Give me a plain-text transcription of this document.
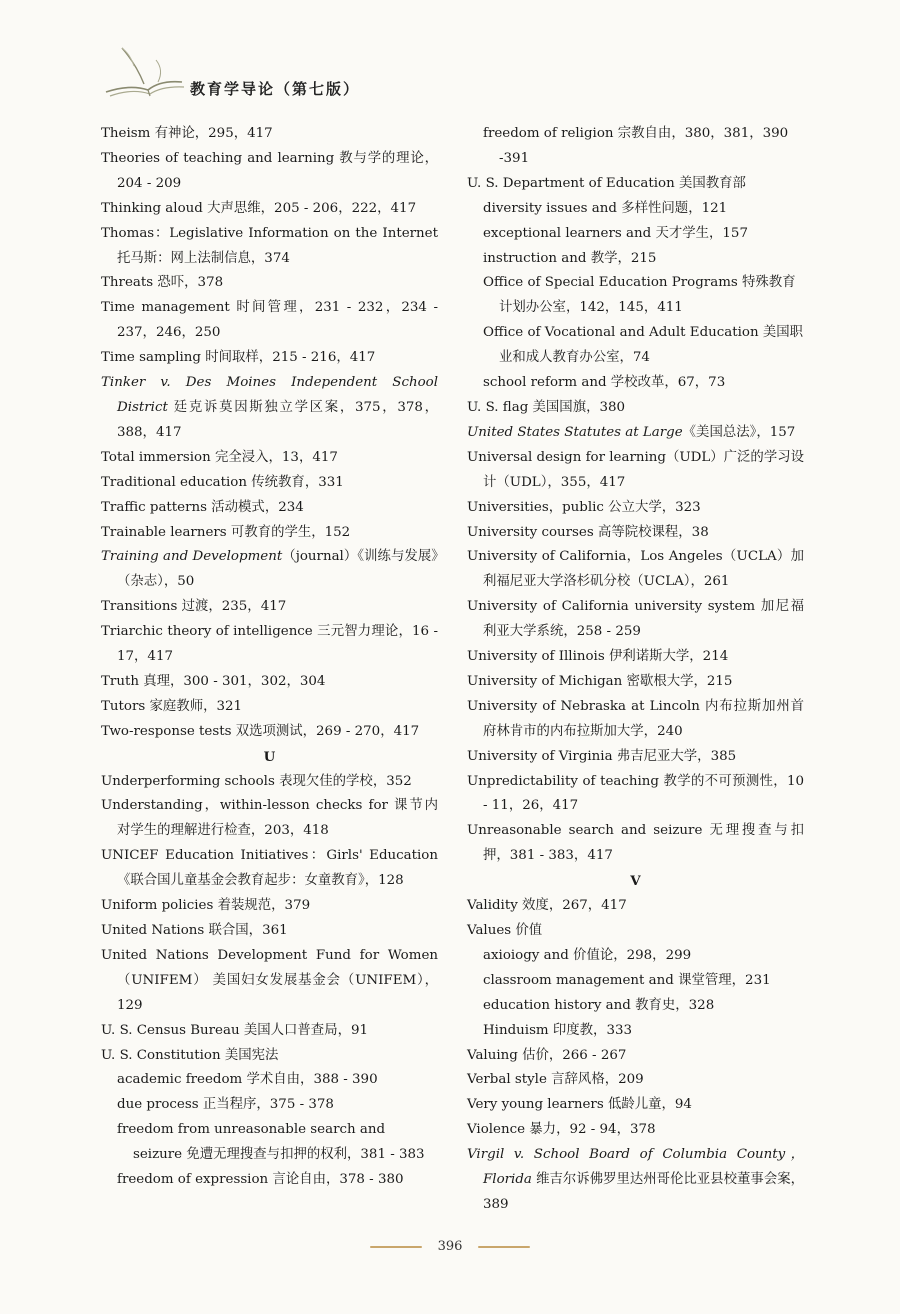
教育学导论（第七版）
Theism 有神论，295，417
Theories of teaching and learning 教与学的理论，204 - 209
Thinking aloud 大声思维，205 - 206，222，417
Thomas：Legislative Information on the Internet 托马斯：网上法制信息，374
Threats 恐吓，378
Time management 时间管理，231 - 232，234 - 237，246，250
Time sampling 时间取样，215 - 216，417
Tinker v. Des Moines Independent School District 廷克诉莫因斯独立学区案，375，378，388，417
Total immersion 完全浸入，13，417
Traditional education 传统教育，331
Traffic patterns 活动模式，234
Trainable learners 可教育的学生，152
Training and Development（journal）《训练与发展》（杂志），50
Transitions 过渡，235，417
Triarchic theory of intelligence 三元智力理论，16 - 17，417
Truth 真理，300 - 301，302，304
Tutors 家庭教师，321
Two-response tests 双选项测试，269 - 270，417
U
Underperforming schools 表现欠佳的学校，352
Understanding，within-lesson checks for 课节内对学生的理解进行检查，203，418
UNICEF Education Initiatives：Girls' Education《联合国儿童基金会教育起步：女童教育》，128
Uniform policies 着装规范，379
United Nations 联合国，361
United Nations Development Fund for Women（UNIFEM） 美国妇女发展基金会（UNIFEM），129
U. S. Census Bureau 美国人口普查局，91
U. S. Constitution 美国宪法
academic freedom 学术自由，388 - 390
due process 正当程序，375 - 378
freedom from unreasonable search and seizure 免遭无理搜查与扣押的权利，381 - 383
freedom of expression 言论自由，378 - 380
freedom of religion 宗教自由，380，381，390 -391
U. S. Department of Education 美国教育部
diversity issues and 多样性问题，121
exceptional learners and 天才学生，157
instruction and 教学，215
Office of Special Education Programs 特殊教育计划办公室，142，145，411
Office of Vocational and Adult Education 美国职业和成人教育办公室，74
school reform and 学校改革，67，73
U. S. flag 美国国旗，380
United States Statutes at Large《美国总法》，157
Universal design for learning（UDL）广泛的学习设计（UDL），355，417
Universities，public 公立大学，323
University courses 高等院校课程，38
University of California，Los Angeles（UCLA）加利福尼亚大学洛杉矶分校（UCLA），261
University of California university system 加尼福利亚大学系统，258 - 259
University of Illinois 伊利诺斯大学，214
University of Michigan 密歇根大学，215
University of Nebraska at Lincoln 内布拉斯加州首府林肯市的内布拉斯加大学，240
University of Virginia 弗吉尼亚大学，385
Unpredictability of teaching 教学的不可预测性，10 - 11，26，417
Unreasonable search and seizure 无理搜查与扣押，381 - 383，417
V
Validity 效度，267，417
Values 价值
axioiogy and 价值论，298，299
classroom management and 课堂管理，231
education history and 教育史，328
Hinduism 印度教，333
Valuing 估价，266 - 267
Verbal style 言辞风格，209
Very young learners 低龄儿童，94
Violence 暴力，92 - 94，378
Virgil v. School Board of Columbia County，Florida 维吉尔诉佛罗里达州哥伦比亚县校董事会案，389
396
